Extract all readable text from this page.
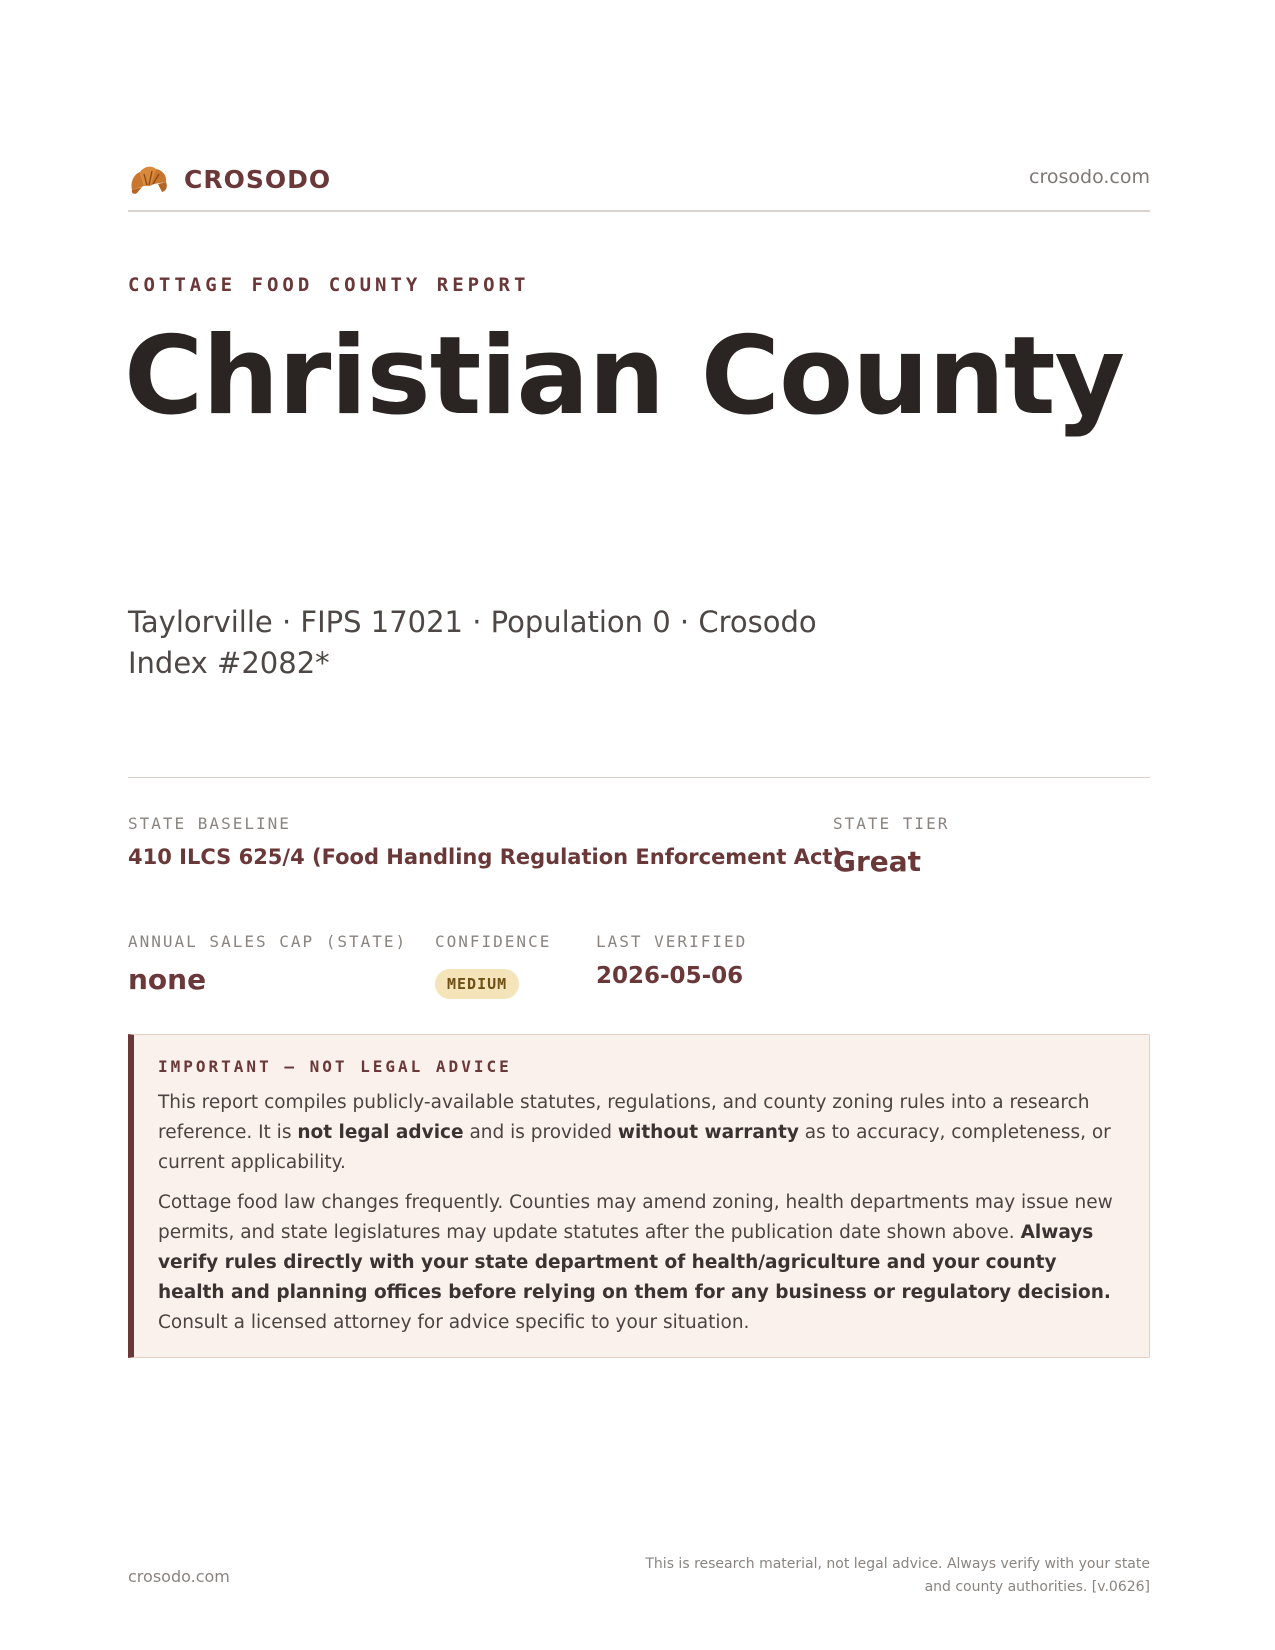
CROSODO	crosodo.com
COTTAGE FOOD COUNTY REPORT
Christian County
Taylorville · FIPS 17021 · Population 0 · Crosodo Index #2082*
STATE BASELINE
410 ILCS 625/4 (Food Handling Regulation Enforcement Act)
STATE TIER
Great
ANNUAL SALES CAP (STATE)
none
CONFIDENCE
MEDIUM
LAST VERIFIED
2026-05-06
IMPORTANT — NOT LEGAL ADVICE

This report compiles publicly-available statutes, regulations, and county zoning rules into a research reference. It is not legal advice and is provided without warranty as to accuracy, completeness, or current applicability.

Cottage food law changes frequently. Counties may amend zoning, health departments may issue new permits, and state legislatures may update statutes after the publication date shown above. Always verify rules directly with your state department of health/agriculture and your county health and planning offices before relying on them for any business or regulatory decision. Consult a licensed attorney for advice specific to your situation.

crosodo.com
This is research material, not legal advice. Always verify with your state
and county authorities. [v.0626]
